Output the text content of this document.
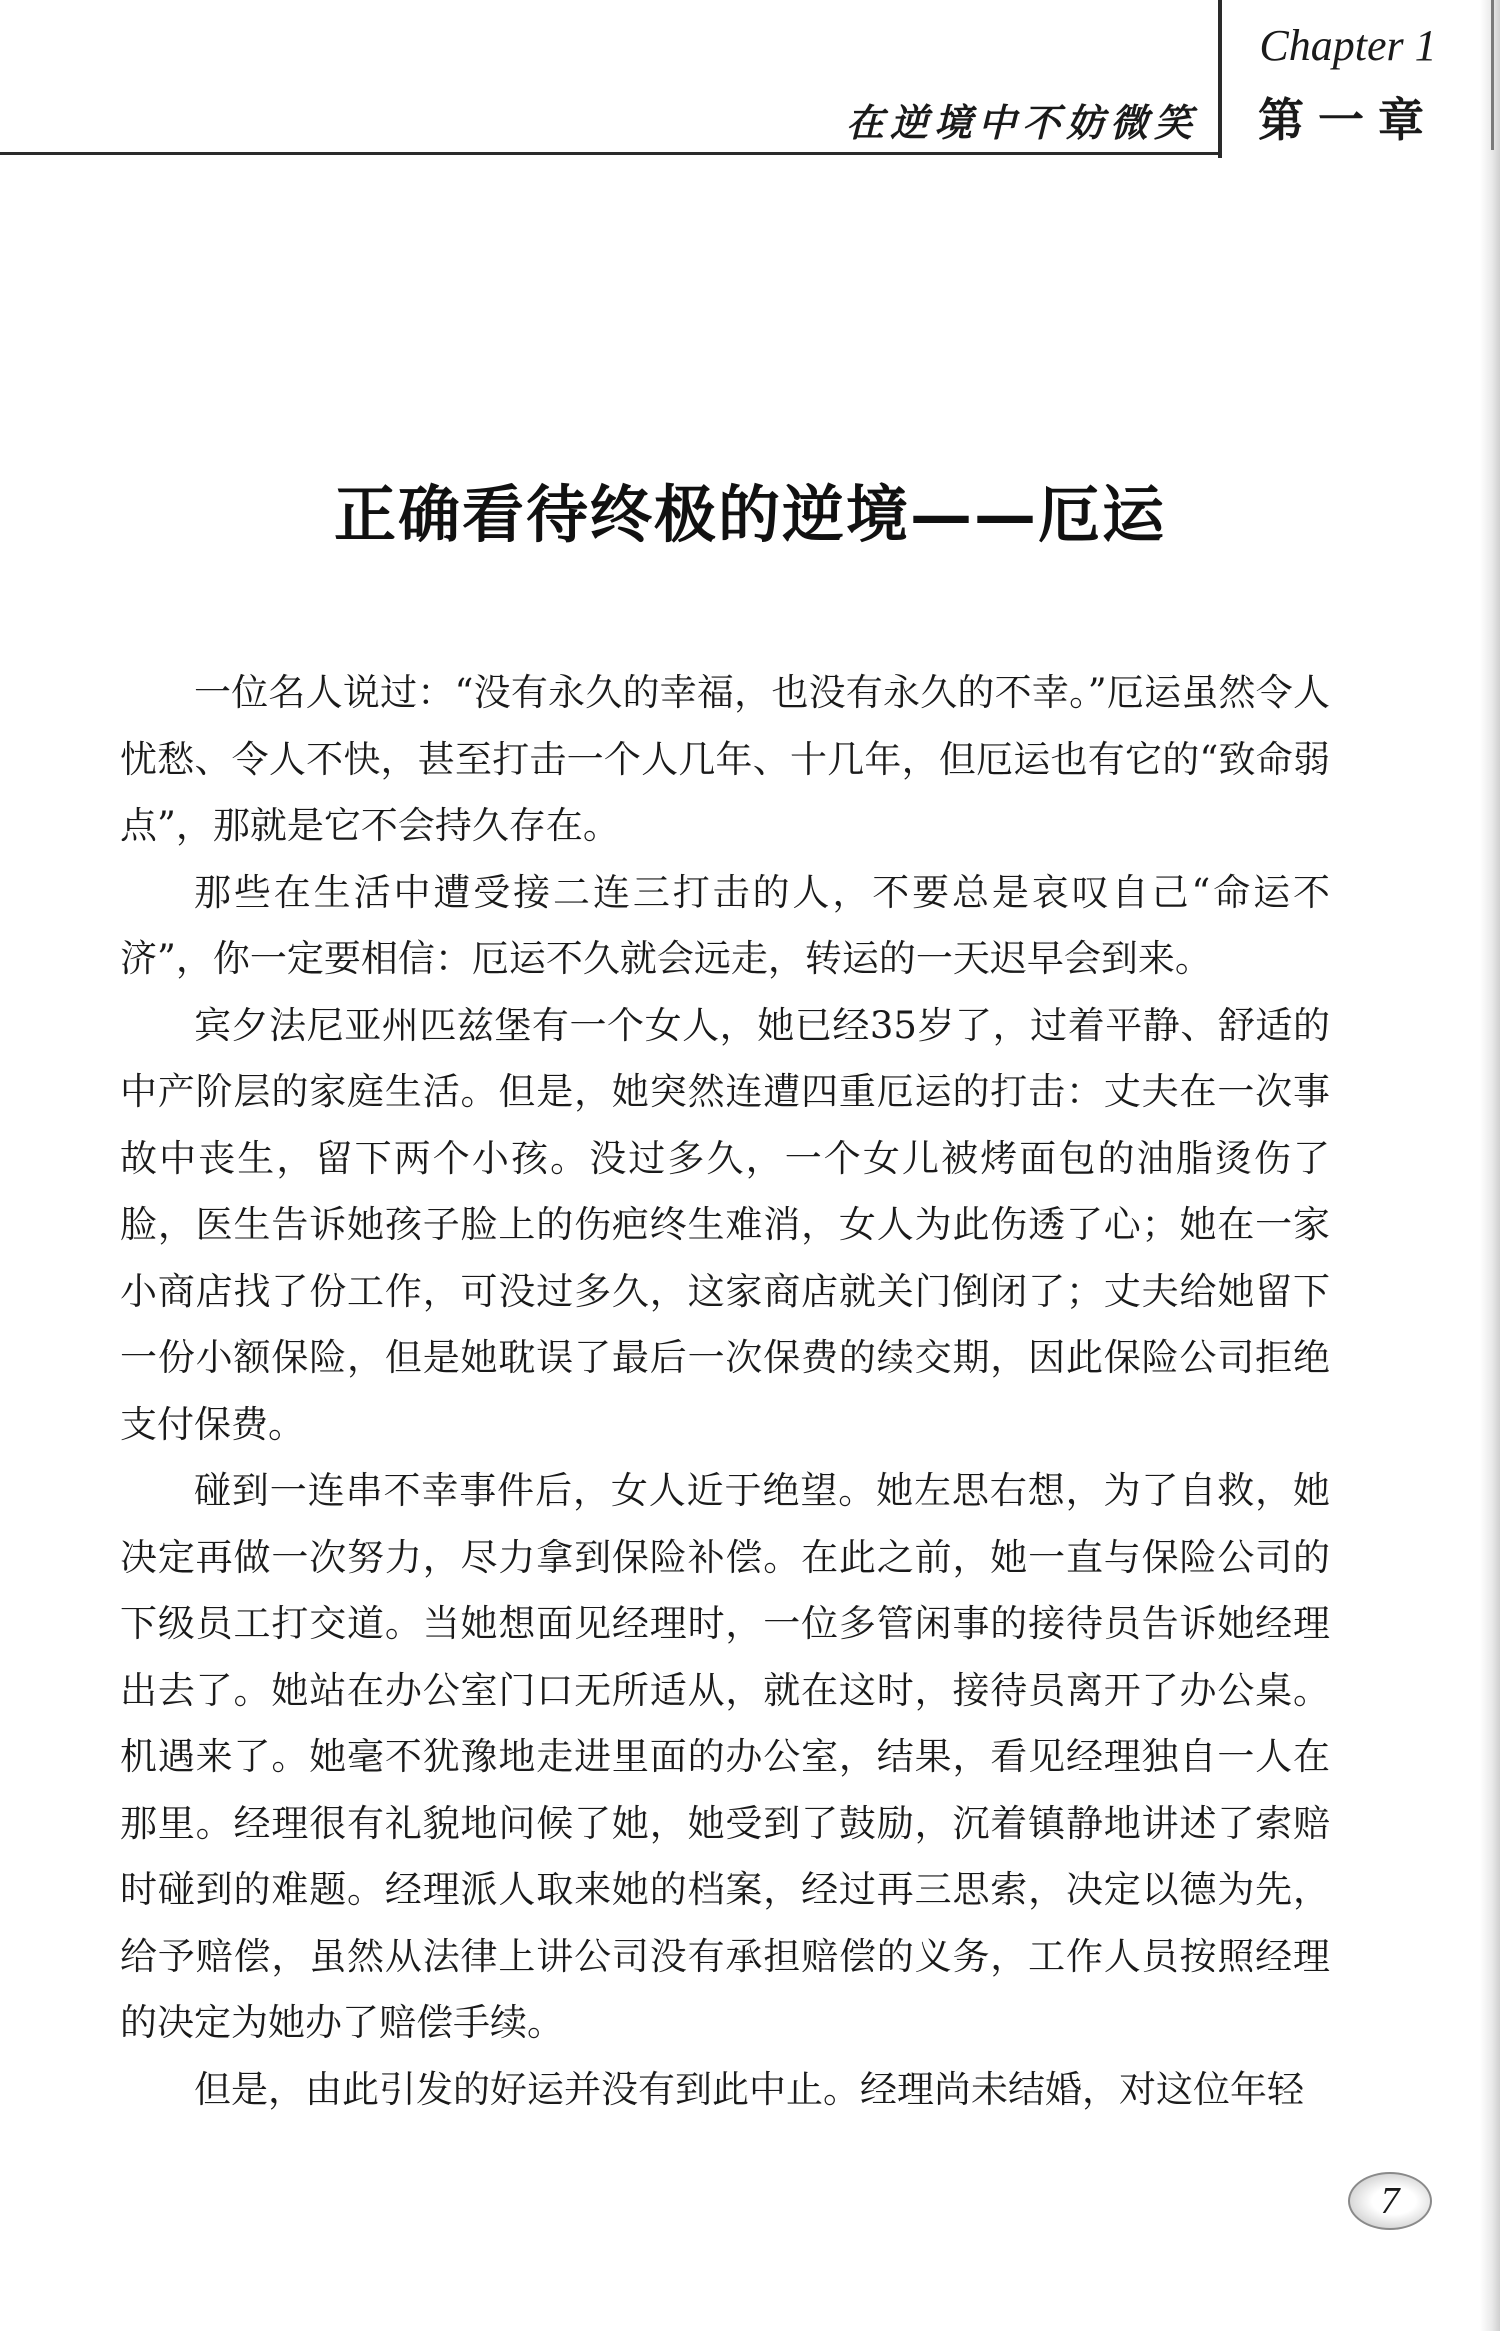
在逆境中不妨微笑
Chapter 1
第一章
正确看待终极的逆境——厄运

一位名人说过：“没有永久的幸福，也没有永久的不幸。”厄运虽然令人忧愁、令人不快，甚至打击一个人几年、十几年，但厄运也有它的“致命弱点”，那就是它不会持久存在。

那些在生活中遭受接二连三打击的人，不要总是哀叹自己“命运不济”，你一定要相信：厄运不久就会远走，转运的一天迟早会到来。

宾夕法尼亚州匹兹堡有一个女人，她已经35岁了，过着平静、舒适的中产阶层的家庭生活。但是，她突然连遭四重厄运的打击：丈夫在一次事故中丧生，留下两个小孩。没过多久，一个女儿被烤面包的油脂烫伤了脸，医生告诉她孩子脸上的伤疤终生难消，女人为此伤透了心；她在一家小商店找了份工作，可没过多久，这家商店就关门倒闭了；丈夫给她留下一份小额保险，但是她耽误了最后一次保费的续交期，因此保险公司拒绝支付保费。

碰到一连串不幸事件后，女人近于绝望。她左思右想，为了自救，她决定再做一次努力，尽力拿到保险补偿。在此之前，她一直与保险公司的下级员工打交道。当她想面见经理时，一位多管闲事的接待员告诉她经理出去了。她站在办公室门口无所适从，就在这时，接待员离开了办公桌。机遇来了。她毫不犹豫地走进里面的办公室，结果，看见经理独自一人在那里。经理很有礼貌地问候了她，她受到了鼓励，沉着镇静地讲述了索赔时碰到的难题。经理派人取来她的档案，经过再三思索，决定以德为先，给予赔偿，虽然从法律上讲公司没有承担赔偿的义务，工作人员按照经理的决定为她办了赔偿手续。

但是，由此引发的好运并没有到此中止。经理尚未结婚，对这位年轻

7
